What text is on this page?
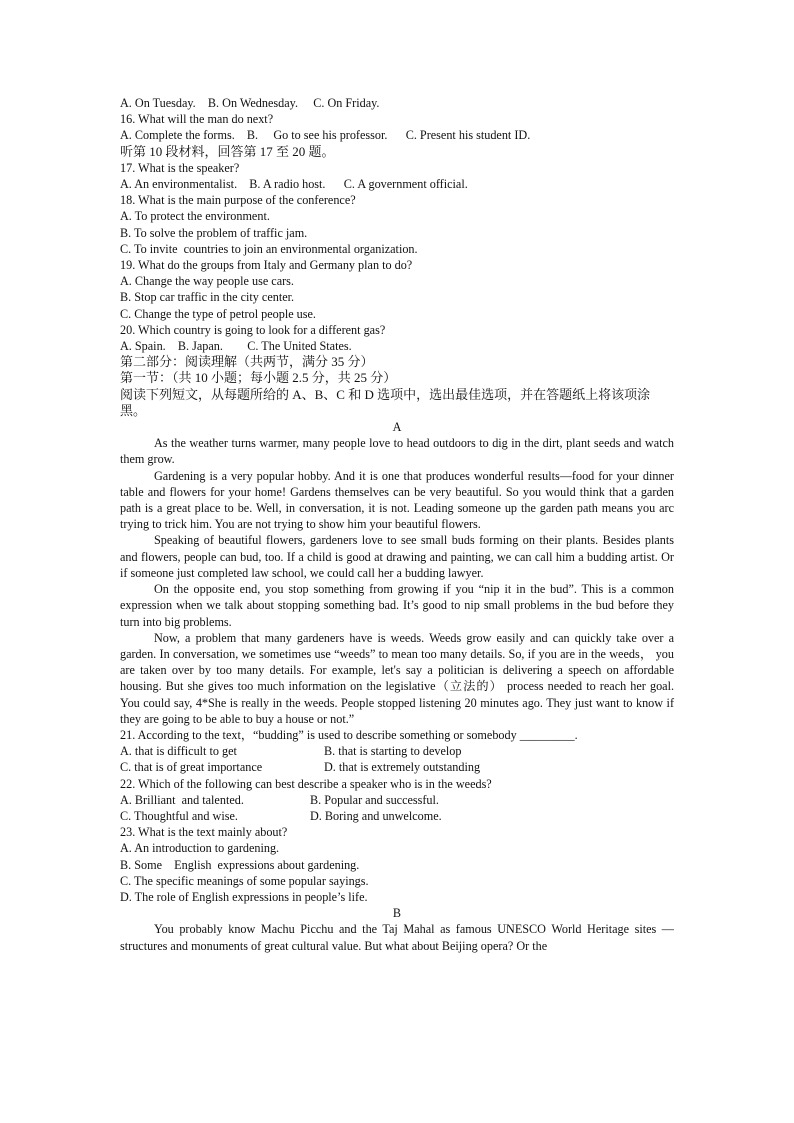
A. On Tuesday.    B. On Wednesday.     C. On Friday.
16. What will the man do next?
A. Complete the forms.    B.     Go to see his professor.      C. Present his student ID.
听第 10 段材料，回答第 17 至 20 题。
17. What is the speaker?
A. An environmentalist.    B. A radio host.      C. A government official.
18. What is the main purpose of the conference?
A. To protect the environment.
B. To solve the problem of traffic jam.
C. To invite  countries to join an environmental organization.
19. What do the groups from Italy and Germany plan to do?
A. Change the way people use cars.
B. Stop car traffic in the city center.
C. Change the type of petrol people use.
20. Which country is going to look for a different gas?
A. Spain.    B. Japan.        C. The United States.
第二部分：阅读理解（共两节，满分 35 分）
第一节：（共 10 小题；每小题 2.5 分，共 25 分）
阅读下列短文，从每题所给的 A、B、C 和 D 选项中，选出最佳选项，并在答题纸上将该项涂黑。
A
As the weather turns warmer, many people love to head outdoors to dig in the dirt, plant seeds and watch them grow.
Gardening is a very popular hobby. And it is one that produces wonderful results—food for your dinner table and flowers for your home! Gardens themselves can be very beautiful. So you would think that a garden path is a great place to be. Well, in conversation, it is not. Leading someone up the garden path means you arc trying to trick him. You are not trying to show him your beautiful flowers.
Speaking of beautiful flowers, gardeners love to see small buds forming on their plants. Besides plants and flowers, people can bud, too. If a child is good at drawing and painting, we can call him a budding artist. Or if someone just completed law school, we could call her a budding lawyer.
On the opposite end, you stop something from growing if you “nip it in the bud”. This is a common expression when we talk about stopping something bad. It’s good to nip small problems in the bud before they turn into big problems.
Now, a problem that many gardeners have is weeds. Weeds grow easily and can quickly take over a garden. In conversation, we sometimes use “weeds” to mean too many details. So, if you are in the weeds， you are taken over by too many details. For example, let's say a politician is delivering a speech on affordable housing. But she gives too much information on the legislative（立法的） process needed to reach her goal. You could say, 4*She is really in the weeds. People stopped listening 20 minutes ago. They just want to know if they are going to be able to buy a house or not.”
21. According to the text，“budding” is used to describe something or somebody _________.
A. that is difficult to get	B. that is starting to develop
C. that is of great importance	D. that is extremely outstanding
22. Which of the following can best describe a speaker who is in the weeds?
A. Brilliant  and talented.	B. Popular and successful.
C. Thoughtful and wise.	D. Boring and unwelcome.
23. What is the text mainly about?
A. An introduction to gardening.
B. Some    English  expressions about gardening.
C. The specific meanings of some popular sayings.
D. The role of English expressions in people’s life.
B
You probably know Machu Picchu and the Taj Mahal as famous UNESCO World Heritage sites — structures and monuments of great cultural value. But what about Beijing opera? Or the
